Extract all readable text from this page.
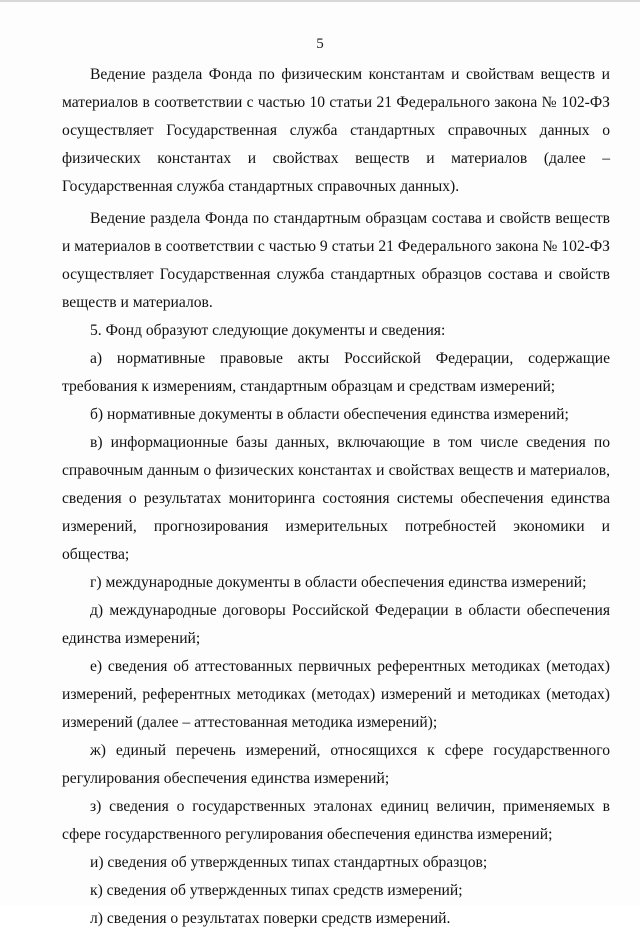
5

Ведение раздела Фонда по физическим константам и свойствам веществ и материалов в соответствии с частью 10 статьи 21 Федерального закона № 102-ФЗ осуществляет Государственная служба стандартных справочных данных о физических константах и свойствах веществ и материалов (далее – Государственная служба стандартных справочных данных).

Ведение раздела Фонда по стандартным образцам состава и свойств веществ и материалов в соответствии с частью 9 статьи 21 Федерального закона № 102-ФЗ осуществляет Государственная служба стандартных образцов состава и свойств веществ и материалов.

5. Фонд образуют следующие документы и сведения:

а) нормативные правовые акты Российской Федерации, содержащие требования к измерениям, стандартным образцам и средствам измерений;

б) нормативные документы в области обеспечения единства измерений;

в) информационные базы данных, включающие в том числе сведения по справочным данным о физических константах и свойствах веществ и материалов, сведения о результатах мониторинга состояния системы обеспечения единства измерений, прогнозирования измерительных потребностей экономики и общества;

г) международные документы в области обеспечения единства измерений;

д) международные договоры Российской Федерации в области обеспечения единства измерений;

е) сведения об аттестованных первичных референтных методиках (методах) измерений, референтных методиках (методах) измерений и методиках (методах) измерений (далее – аттестованная методика измерений);

ж) единый перечень измерений, относящихся к сфере государственного регулирования обеспечения единства измерений;

з) сведения о государственных эталонах единиц величин, применяемых в сфере государственного регулирования обеспечения единства измерений;

и) сведения об утвержденных типах стандартных образцов;

к) сведения об утвержденных типах средств измерений;

л) сведения о результатах поверки средств измерений.
